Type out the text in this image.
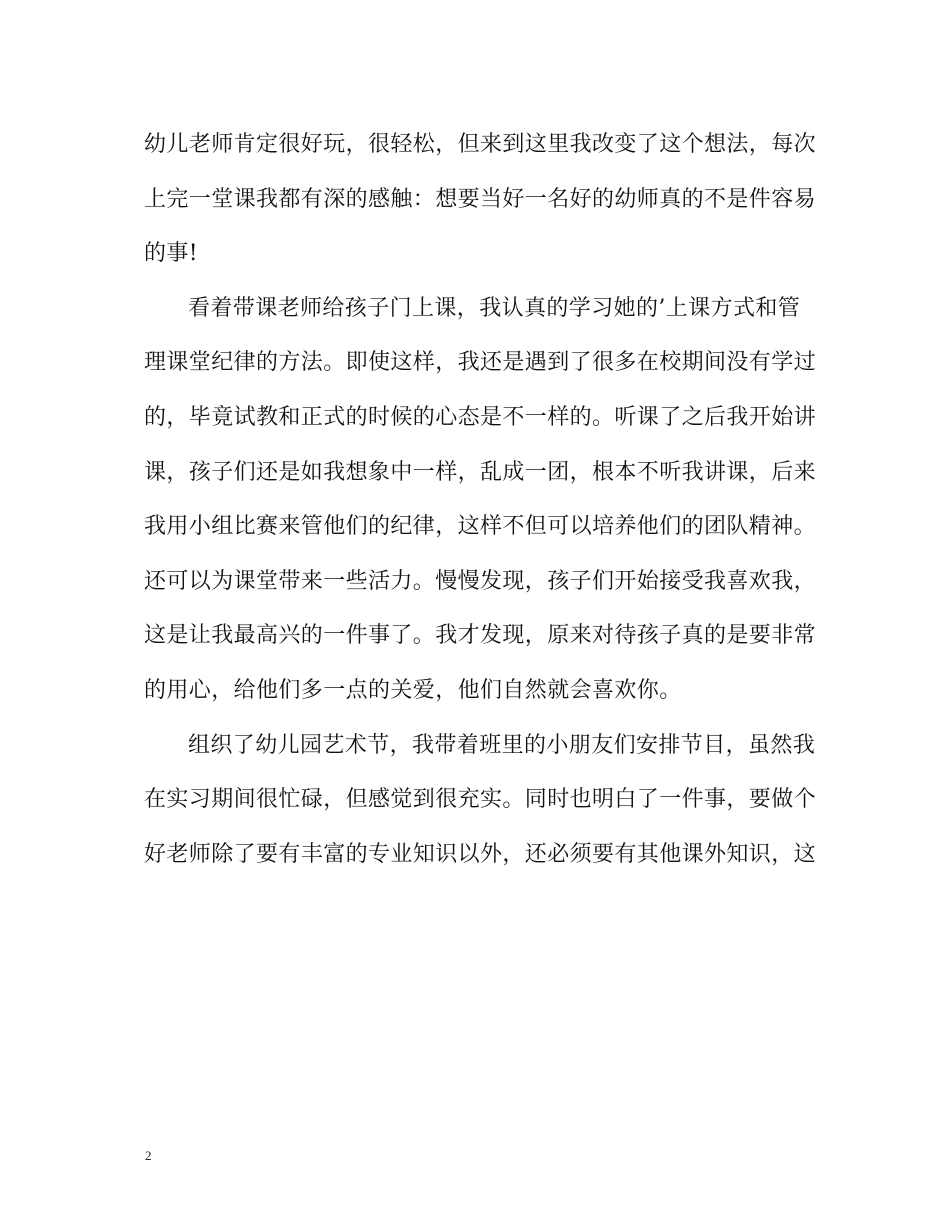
幼儿老师肯定很好玩，很轻松，但来到这里我改变了这个想法，每次
上完一堂课我都有深的感触：想要当好一名好的幼师真的不是件容易
的事!
看着带课老师给孩子门上课，我认真的学习她的’上课方式和管
理课堂纪律的方法。即使这样，我还是遇到了很多在校期间没有学过
的，毕竟试教和正式的时候的心态是不一样的。听课了之后我开始讲
课，孩子们还是如我想象中一样，乱成一团，根本不听我讲课，后来
我用小组比赛来管他们的纪律，这样不但可以培养他们的团队精神。
还可以为课堂带来一些活力。慢慢发现，孩子们开始接受我喜欢我，
这是让我最高兴的一件事了。我才发现，原来对待孩子真的是要非常
的用心，给他们多一点的关爱，他们自然就会喜欢你。
组织了幼儿园艺术节，我带着班里的小朋友们安排节目，虽然我
在实习期间很忙碌，但感觉到很充实。同时也明白了一件事，要做个
好老师除了要有丰富的专业知识以外，还必须要有其他课外知识，这
2
